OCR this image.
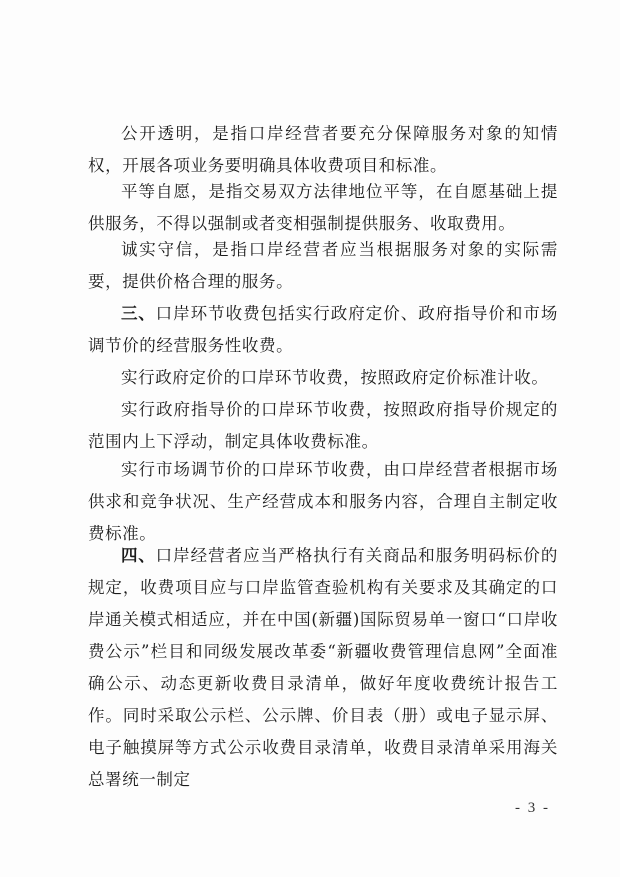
公开透明，是指口岸经营者要充分保障服务对象的知情权，开展各项业务要明确具体收费项目和标准。

平等自愿，是指交易双方法律地位平等，在自愿基础上提供服务，不得以强制或者变相强制提供服务、收取费用。

诚实守信，是指口岸经营者应当根据服务对象的实际需要，提供价格合理的服务。

三、口岸环节收费包括实行政府定价、政府指导价和市场调节价的经营服务性收费。

实行政府定价的口岸环节收费，按照政府定价标准计收。

实行政府指导价的口岸环节收费，按照政府指导价规定的范围内上下浮动，制定具体收费标准。

实行市场调节价的口岸环节收费，由口岸经营者根据市场供求和竞争状况、生产经营成本和服务内容，合理自主制定收费标准。

四、口岸经营者应当严格执行有关商品和服务明码标价的规定，收费项目应与口岸监管查验机构有关要求及其确定的口岸通关模式相适应，并在中国(新疆)国际贸易单一窗口“口岸收费公示”栏目和同级发展改革委“新疆收费管理信息网”全面准确公示、动态更新收费目录清单，做好年度收费统计报告工作。同时采取公示栏、公示牌、价目表（册）或电子显示屏、电子触摸屏等方式公示收费目录清单，收费目录清单采用海关总署统一制定

- 3 -
